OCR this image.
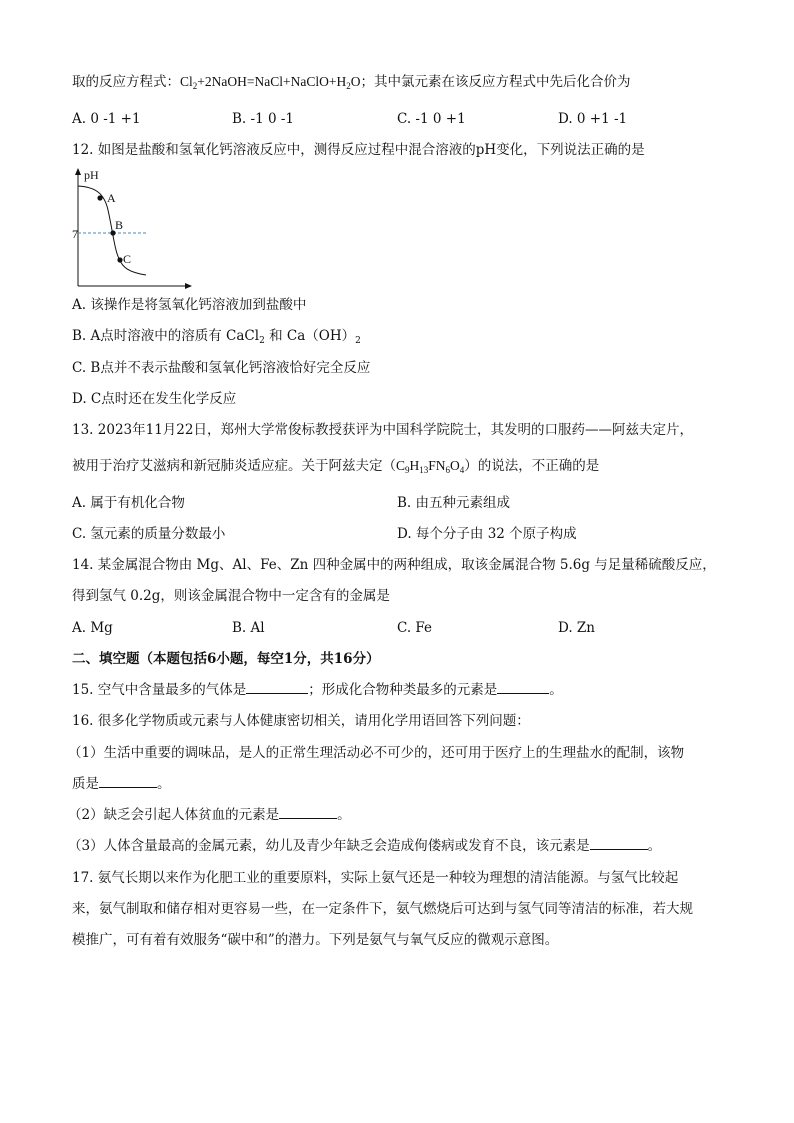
取的反应方程式：$Cl_2+2NaOH=NaCl+NaClO+H_2O$；其中氯元素在该反应方程式中先后化合价为
A. 0 -1 +1	B. -1 0 -1	C. -1 0 +1	D. 0 +1 -1
12. 如图是盐酸和氢氧化钙溶液反应中，测得反应过程中混合溶液的pH变化，下列说法正确的是
pH
7
A
B
C
A. 该操作是将氢氧化钙溶液加到盐酸中
B. A点时溶液中的溶质有 CaCl$_2$ 和 $Ca(OH)_2$
C. B点并不表示盐酸和氢氧化钙溶液恰好完全反应
D. C点时还在发生化学反应
13. 2023年11月22日，郑州大学常俊标教授获评为中国科学院院士，其发明的口服药——阿兹夫定片，
被用于治疗艾滋病和新冠肺炎适应症。关于阿兹夫定$(C_9H_{13}FN_6O_4)$的说法，不正确的是
A. 属于有机化合物	B. 由五种元素组成
C. 氢元素的质量分数最小	D. 每个分子由 32 个原子构成
14. 某金属混合物由 Mg、Al、Fe、Zn 四种金属中的两种组成，取该金属混合物 5.6g 与足量稀硫酸反应，
得到氢气 0.2g，则该金属混合物中一定含有的金属是
A. Mg	B. Al	C. Fe	D. Zn
二、填空题（本题包括6小题，每空1分，共16分）
15. 空气中含量最多的气体是	；形成化合物种类最多的元素是	。
16. 很多化学物质或元素与人体健康密切相关，请用化学用语回答下列问题：
（1）生活中重要的调味品，是人的正常生理活动必不可少的，还可用于医疗上的生理盐水的配制，该物
质是	。
（2）缺乏会引起人体贫血的元素是	。
（3）人体含量最高的金属元素，幼儿及青少年缺乏会造成佝偻病或发育不良，该元素是	。
17. 氨气长期以来作为化肥工业的重要原料，实际上氨气还是一种较为理想的清洁能源。与氢气比较起
来，氨气制取和储存相对更容易一些，在一定条件下，氨气燃烧后可达到与氢气同等清洁的标准，若大规
模推广，可有着有效服务“碳中和”的潜力。下列是氨气与氧气反应的微观示意图。
